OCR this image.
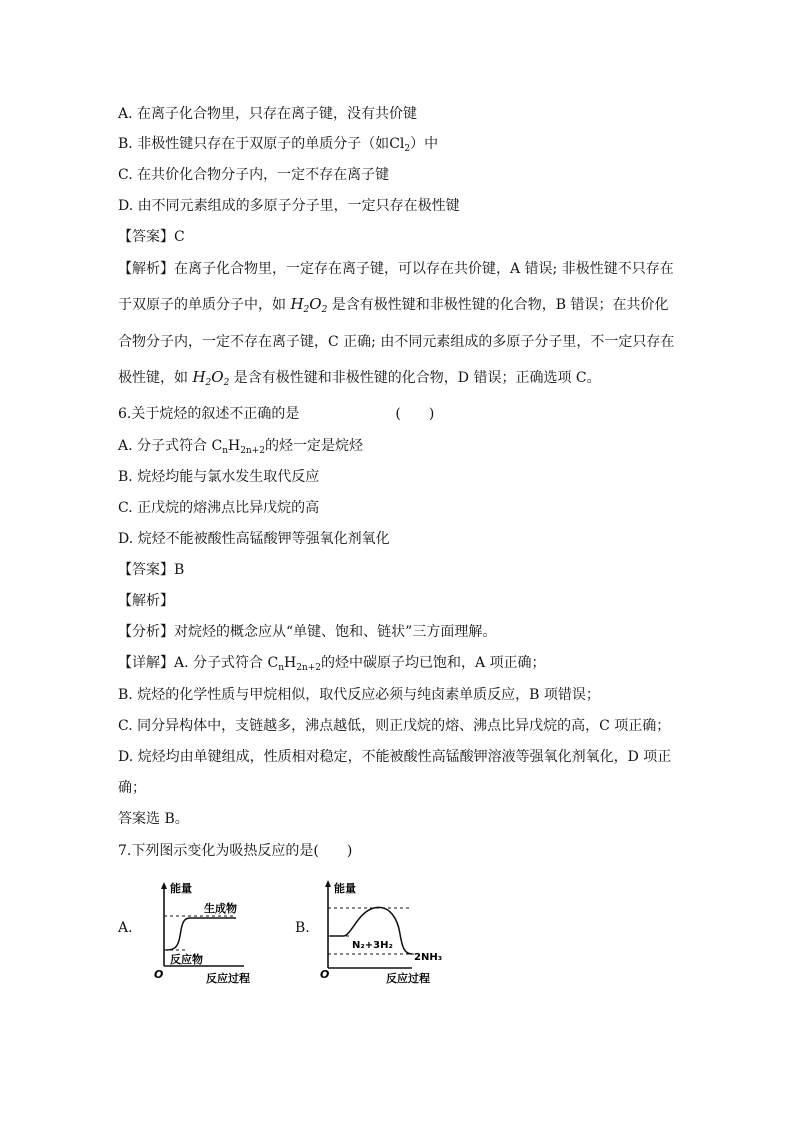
A. 在离子化合物里，只存在离子键，没有共价键
B. 非极性键只存在于双原子的单质分子（如$Cl_2$）中
C. 在共价化合物分子内，一定不存在离子键
D. 由不同元素组成的多原子分子里，一定只存在极性键
【答案】C
【解析】在离子化合物里，一定存在离子键，可以存在共价键，A 错误; 非极性键不只存在
于双原子的单质分子中，如 $H_2O_2$ 是含有极性键和非极性键的化合物，B 错误；在共价化
合物分子内，一定不存在离子键，C 正确; 由不同元素组成的多原子分子里，不一定只存在
极性键，如 $H_2O_2$ 是含有极性键和非极性键的化合物，D 错误；正确选项 C。
6.关于烷烃的叙述不正确的是	(　　)
A. 分子式符合 $C_nH_{2n+2}$的烃一定是烷烃
B. 烷烃均能与氯水发生取代反应
C. 正戊烷的熔沸点比异戊烷的高
D. 烷烃不能被酸性高锰酸钾等强氧化剂氧化
【答案】B
【解析】
【分析】对烷烃的概念应从“单键、饱和、链状”三方面理解。
【详解】A. 分子式符合 $C_nH_{2n+2}$的烃中碳原子均已饱和，A 项正确；
B. 烷烃的化学性质与甲烷相似，取代反应必须与纯卤素单质反应，B 项错误；
C. 同分异构体中，支链越多，沸点越低，则正戊烷的熔、沸点比异戊烷的高，C 项正确；
D. 烷烃均由单键组成，性质相对稳定，不能被酸性高锰酸钾溶液等强氧化剂氧化，D 项正
确；
答案选 B。
7.下列图示变化为吸热反应的是(　　)
A.	B.
能量
生成物
反应物
O	反应过程
能量
N₂+3H₂
2NH₃
O	反应过程
